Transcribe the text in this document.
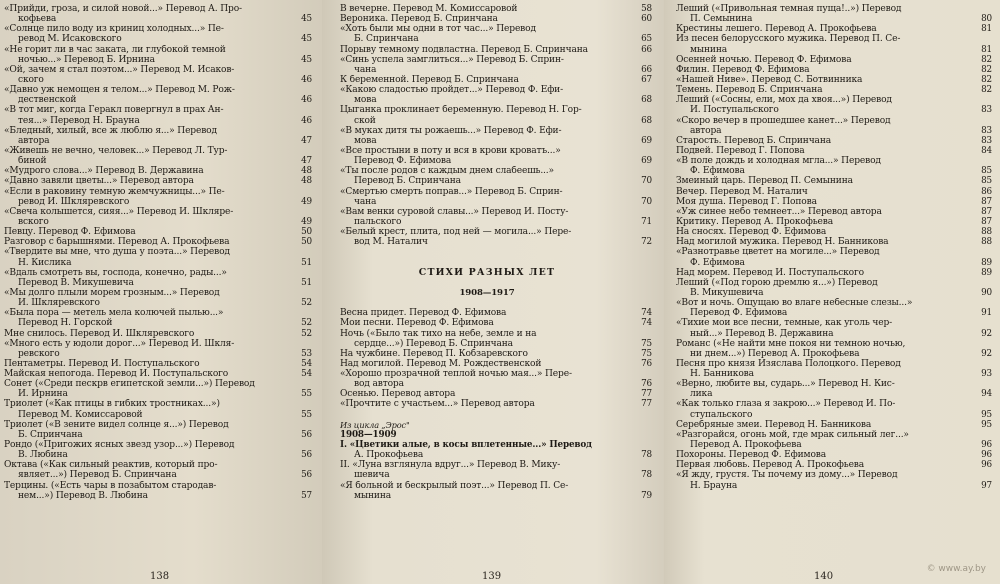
«Прийди, гроза, и силой новой...» Перевод А. Про-
кофьева	45
«Солнце пило воду из криниц холодных...» Пе-
ревод М. Исаковского	45
«Не горит ли в час заката, ли глубокой темной
ночью...» Перевод Б. Ирнина	45
«Ой, зачем я стал поэтом...» Перевод М. Исаков-
ского	46
«Давно уж немощен я телом...» Перевод М. Рож-
дественской	46
«В тот миг, когда Геракл повергнул в прах Ан-
тея...» Перевод Н. Брауна	46
«Бледный, хилый, все ж люблю я...» Перевод
автора	47
«Живешь не вечно, человек...» Перевод Л. Тур-
биной	47
«Мудрого слова...» Перевод В. Державина	48
«Давно завяли цветы...» Перевод автора	48
«Если в раковину темную жемчужницы...» Пе-
ревод И. Шкляревского	49
«Свеча колышется, сияя...» Перевод И. Шкляре-
вского	49
Певцу. Перевод Ф. Ефимова	50
Разговор с барышнями. Перевод А. Прокофьева	50
«Твердите вы мне, что душа у поэта...» Перевод
Н. Кислика	51
«Вдаль смотреть вы, господа, конечно, рады...»
Перевод В. Микушевича	51
«Мы долго плыли морем грозным...» Перевод
И. Шкляревского	52
«Была пора — метель мела колючей пылью...»
Перевод Н. Горской	52
Мне снилось. Перевод И. Шкляревского	52
«Много есть у юдоли дорог...» Перевод И. Шкля-
ревского	53
Пентаметры. Перевод И. Поступальского	54
Майская непогода. Перевод И. Поступальского	54
Сонет («Среди пескрв египетской земли...») Перевод
И. Ирнина	55
Триолет («Как птицы в гибких тростниках...»)
Перевод М. Комиссаровой	55
Триолет («В зените видел солнце я...») Перевод
Б. Спринчана	56
Рондо («Пригожих ясных звезд узор...») Перевод
В. Любина	56
Октава («Как сильный реактив, который про-
являет...») Перевод Б. Спринчана	56
Терцины. («Есть чары в позабытом стародав-
нем...») Перевод В. Любина	57
138
В вечерне. Перевод М. Комиссаровой	58
Вероника. Перевод Б. Спринчана	60
«Хоть были мы одни в тот час...» Перевод
Б. Спринчана	65
Порыву темному подвластна. Перевод Б. Спринчана	66
«Синь успела замглиться...» Перевод Б. Сприн-
чана	66
К беременной. Перевод Б. Спринчана	67
«Какою сладостью пройдет...» Перевод Ф. Ефи-
мова	68
Цыганка проклинает беременную. Перевод Н. Гор-
ской	68
«В муках дитя ты рожаешь...» Перевод Ф. Ефи-
мова	69
«Все простыни в поту и вся в крови кроватъ...»
Перевод Ф. Ефимова	69
«Ты после родов с каждым днем слабеешь...»
Перевод Б. Спринчана	70
«Смертью смерть поправ...» Перевод Б. Сприн-
чана	70
«Вам венки суровой славы...» Перевод И. Посту-
пальского	71
«Белый крест, плита, под ней — могила...» Пере-
вод М. Наталич	72
СТИХИ РАЗНЫХ ЛЕТ
1908—1917
Весна придет. Перевод Ф. Ефимова	74
Мои песни. Перевод Ф. Ефимова	74
Ночь («Было так тихо на небе, земле и на
сердце...») Перевод Б. Спринчана	75
На чужбине. Перевод П. Кобзаревского	75
Над могилой. Перевод М. Рождественской	76
«Хорошо прозрачной теплой ночью мая...» Пере-
вод автора	76
Осенью. Перевод автора	77
«Прочтите с участьем...» Перевод автора	77
Из цикла „Эрос"
1908—1909
I. «Цветики алые, в косы вплетенные...» Перевод
А. Прокофьева	78
II. «Луна взглянула вдруг...» Перевод В. Мику-
шевича	78
«Я больной и бескрылый поэт...» Перевод П. Се-
мынина	79
139
Леший («Привольная темная пуща!..») Перевод
П. Семынина	80
Крестины лешего. Перевод А. Прокофьева	81
Из песен белорусского мужика. Перевод П. Се-
мынина	81
Осенней ночью. Перевод Ф. Ефимова	82
Филин. Перевод Ф. Ефимова	82
«Нашей Ниве». Перевод С. Ботвинника	82
Темень. Перевод Б. Спринчана	82
Леший («Сосны, ели, мох да хвоя...») Перевод
И. Поступальского	83
«Скоро вечер в прошедшее канет...» Перевод
автора	83
Старость. Перевод Б. Спринчана	83
Подвей. Перевод Г. Попова	84
«В поле дождь и холодная мгла...» Перевод
Ф. Ефимова	85
Змеиный царь. Перевод П. Семынина	85
Вечер. Перевод М. Наталич	86
Моя душа. Перевод Г. Попова	87
«Уж синее небо темнеет...» Перевод автора	87
Критику. Перевод А. Прокофьева	87
На сносях. Перевод Ф. Ефимова	88
Над могилой мужика. Перевод Н. Банникова	88
«Разнотравье цветет на могиле...» Перевод
Ф. Ефимова	89
Над морем. Перевод И. Поступальского	89
Леший («Под горою дремлю я...») Перевод
В. Микушевича	90
«Вот и ночь. Ощущаю во влаге небесные слезы...»
Перевод Ф. Ефимова	91
«Тихие мои все песни, темные, как уголь чер-
ный...» Перевод В. Державина	92
Романс («Не найти мне покоя ни темною ночью,
ни днем...») Перевод А. Прокофьева	92
Песня про князя Изяслава Полоцкого. Перевод
Н. Банникова	93
«Верно, любите вы, сударь...» Перевод Н. Кис-
лика	94
«Как только глаза я закрою...» Перевод И. По-
ступальского	95
Серебряные змеи. Перевод Н. Банникова	95
«Разгорайся, огонь мой, где мрак сильный лег...»
Перевод А. Прокофьева	96
Похороны. Перевод Ф. Ефимова	96
Первая любовь. Перевод А. Прокофьева	96
«Я жду, грустя. Ты почему из дому...» Перевод
Н. Брауна	97
140
© www.ay.by
